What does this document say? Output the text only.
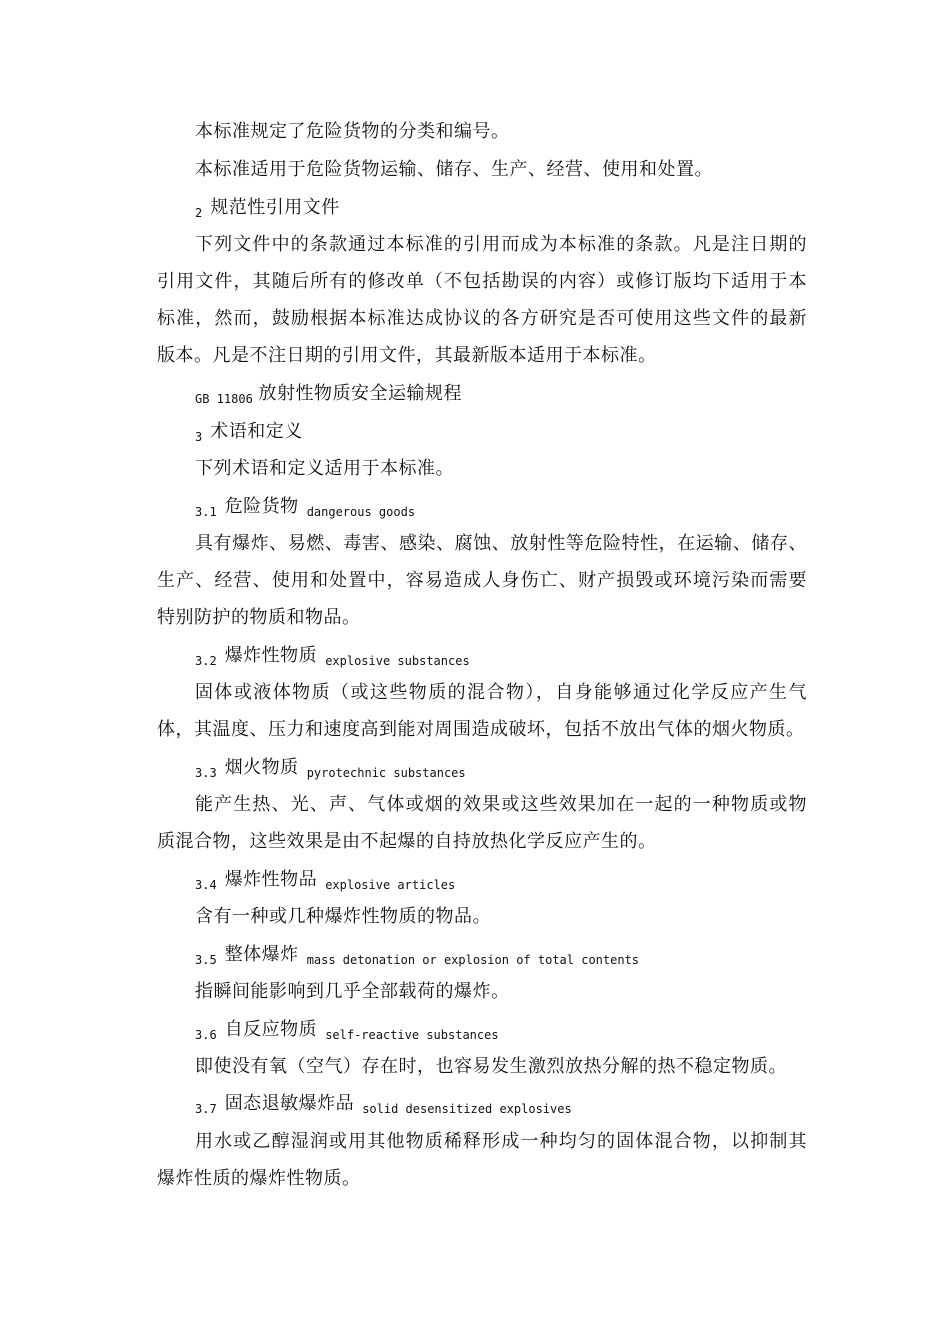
本标准规定了危险货物的分类和编号。
本标准适用于危险货物运输、储存、生产、经营、使用和处置。
$_2$ 规范性引用文件
下列文件中的条款通过本标准的引用而成为本标准的条款。凡是注日期的
引用文件，其随后所有的修改单（不包括勘误的内容）或修订版均下适用于本
标准，然而，鼓励根据本标准达成协议的各方研究是否可使用这些文件的最新
版本。凡是不注日期的引用文件，其最新版本适用于本标准。
$_{GB 11806}$ 放射性物质安全运输规程
$_3$ 术语和定义
下列术语和定义适用于本标准。
$_{3.1}$ 危险货物 $_{dangerous goods}$
具有爆炸、易燃、毒害、感染、腐蚀、放射性等危险特性，在运输、储存、
生产、经营、使用和处置中，容易造成人身伤亡、财产损毁或环境污染而需要
特别防护的物质和物品。
$_{3.2}$ 爆炸性物质 $_{explosive substances}$
固体或液体物质（或这些物质的混合物），自身能够通过化学反应产生气
体，其温度、压力和速度高到能对周围造成破坏，包括不放出气体的烟火物质。
$_{3.3}$ 烟火物质 $_{pyrotechnic substances}$
能产生热、光、声、气体或烟的效果或这些效果加在一起的一种物质或物
质混合物，这些效果是由不起爆的自持放热化学反应产生的。
$_{3.4}$ 爆炸性物品 $_{explosive articles}$
含有一种或几种爆炸性物质的物品。
$_{3.5}$ 整体爆炸 $_{mass detonation or explosion of total contents}$
指瞬间能影响到几乎全部载荷的爆炸。
$_{3.6}$ 自反应物质 $_{self-reactive substances}$
即使没有氧（空气）存在时，也容易发生激烈放热分解的热不稳定物质。
$_{3.7}$ 固态退敏爆炸品 $_{solid desensitized explosives}$
用水或乙醇湿润或用其他物质稀释形成一种均匀的固体混合物，以抑制其
爆炸性质的爆炸性物质。
